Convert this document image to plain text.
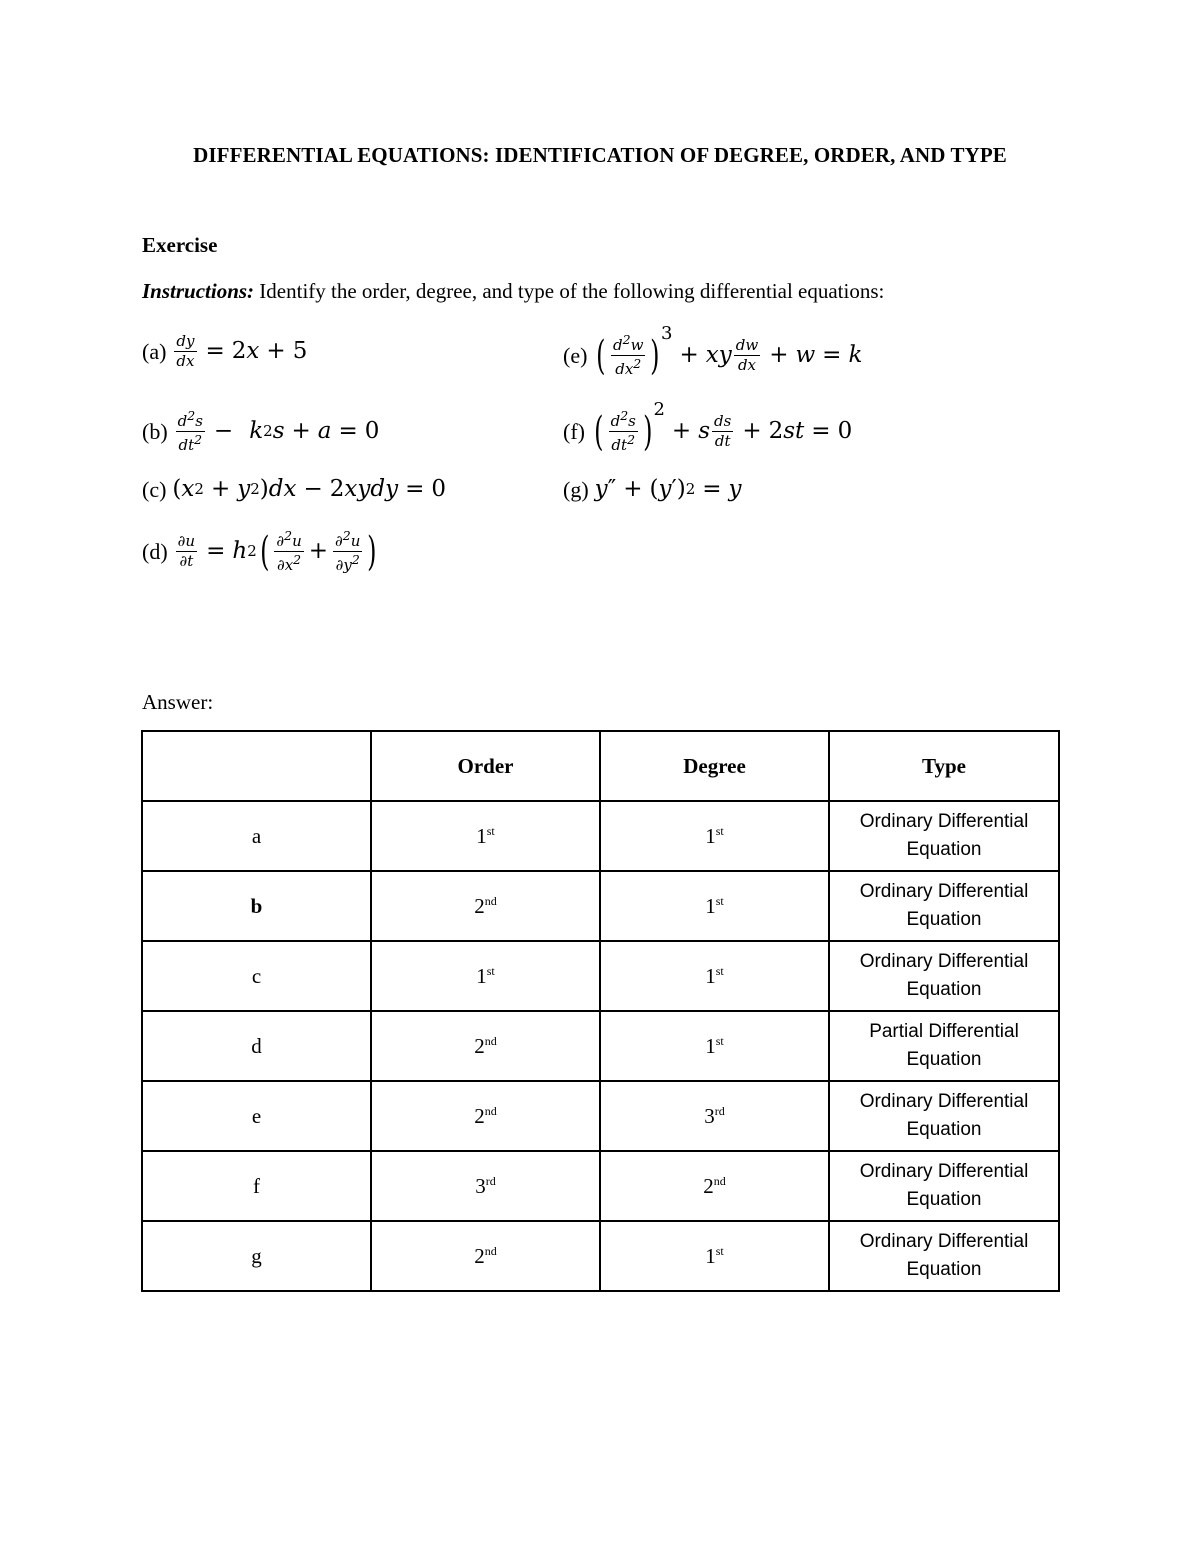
DIFFERENTIAL EQUATIONS: IDENTIFICATION OF DEGREE, ORDER, AND TYPE
Exercise
Instructions: Identify the order, degree, and type of the following differential equations:
$(a) \frac{dy}{dx} = 2$ x + 5
$(b) \frac{d^2s}{dt^2} - k$ 2 s + a = 0
(c) ( x 2 + y 2 ) dx − 2 xydy = 0
$(d) \frac{\partial u}{\partial t} = h$ 2 ( $\frac{\partial^2u}{\partial x^2} + \frac{\partial^2u}{\partial y^2}$ )
(e) ( $\frac{d^2w}{dx^2} )^3$
+ xy $\frac{dw}{dx} + w = k$
(f) ( $\frac{d^2s}{dt^2} )^2$
+ s $\frac{ds}{dt} + 2$ st = 0
(g) y ″ + ( y ′) 2 = y
Answer:
	Order	Degree	Type
a	1st	1st	Ordinary Differential
Equation
b	2nd	1st	Ordinary Differential
Equation
c	1st	1st	Ordinary Differential
Equation
d	2nd	1st	Partial Differential
Equation
e	2nd	3rd	Ordinary Differential
Equation
f	3rd	2nd	Ordinary Differential
Equation
g	2nd	1st	Ordinary Differential
Equation
